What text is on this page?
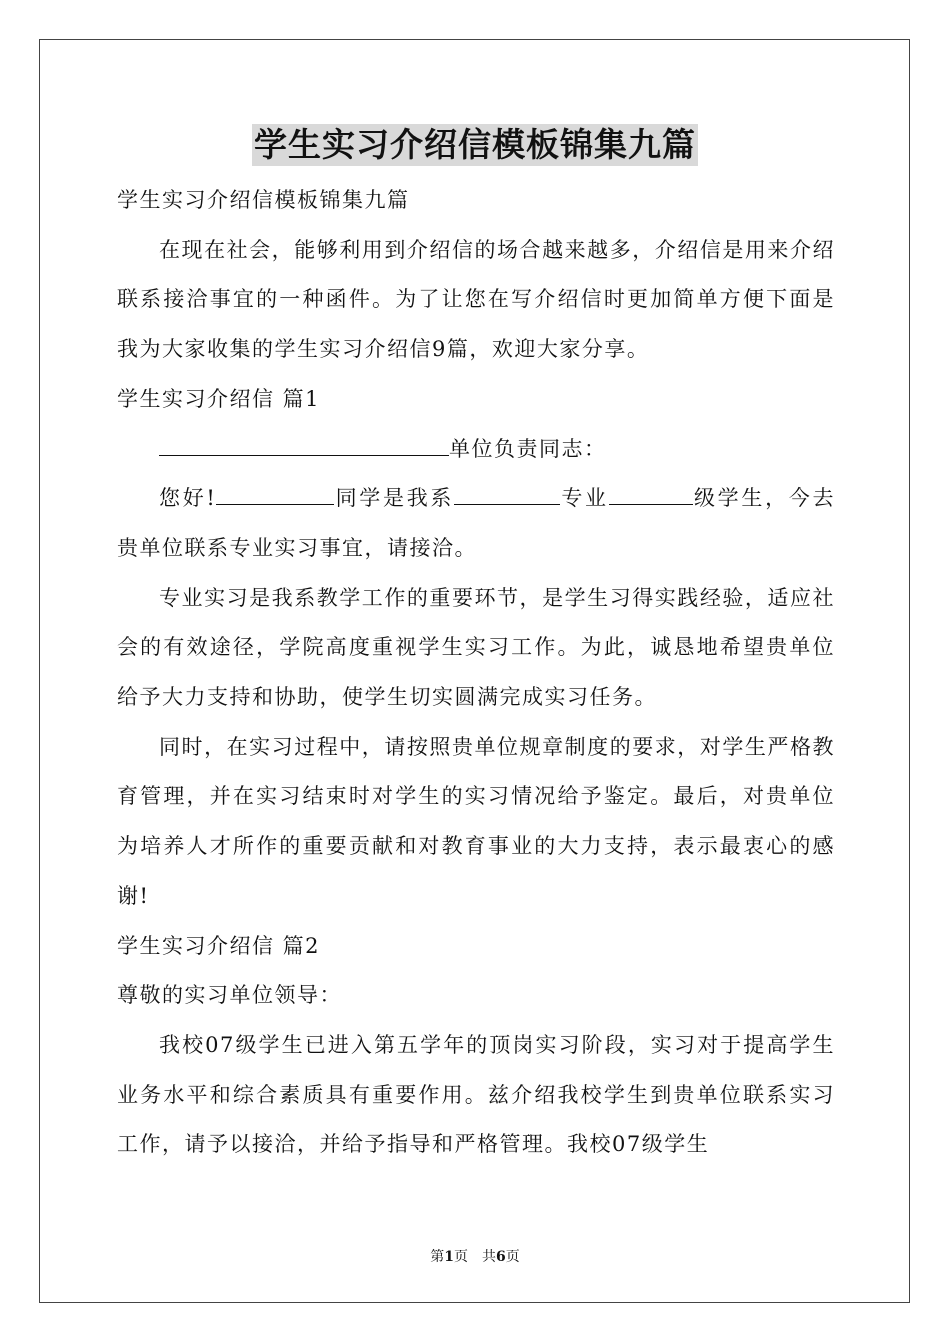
学生实习介绍信模板锦集九篇

学生实习介绍信模板锦集九篇

在现在社会，能够利用到介绍信的场合越来越多，介绍信是用来介绍联系接洽事宜的一种函件。为了让您在写介绍信时更加简单方便下面是我为大家收集的学生实习介绍信9篇，欢迎大家分享。

学生实习介绍信 篇1

单位负责同志：

您好!	同学是我系	专业	级学生，今去贵单位联系专业实习事宜，请接洽。

专业实习是我系教学工作的重要环节，是学生习得实践经验，适应社会的有效途径，学院高度重视学生实习工作。为此，诚恳地希望贵单位给予大力支持和协助，使学生切实圆满完成实习任务。

同时，在实习过程中，请按照贵单位规章制度的要求，对学生严格教育管理，并在实习结束时对学生的实习情况给予鉴定。最后，对贵单位为培养人才所作的重要贡献和对教育事业的大力支持，表示最衷心的感谢!

学生实习介绍信 篇2

尊敬的实习单位领导：

我校07级学生已进入第五学年的顶岗实习阶段，实习对于提高学生业务水平和综合素质具有重要作用。兹介绍我校学生到贵单位联系实习工作，请予以接洽，并给予指导和严格管理。我校07级学生

第1页　共6页
